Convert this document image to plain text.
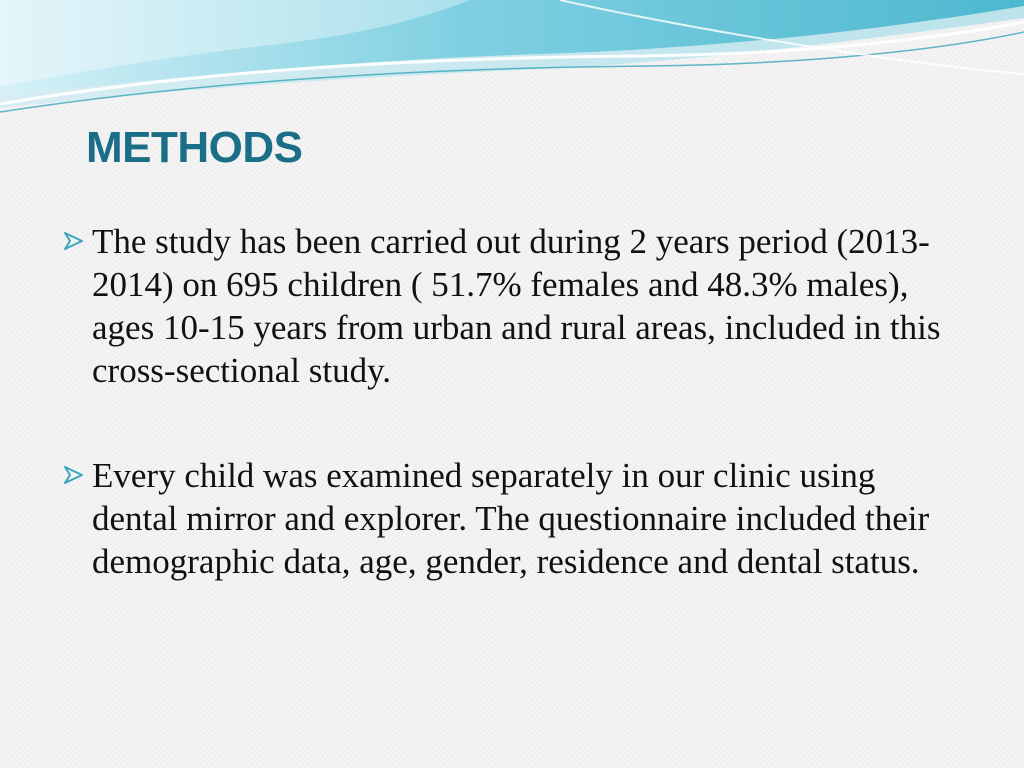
METHODS
The study has been carried out during 2 years period (2013-2014) on 695 children ( 51.7% females and 48.3% males), ages 10-15 years from urban and rural areas, included in this cross-sectional study.
Every child was examined separately in our clinic using dental mirror and explorer. The questionnaire included their demographic data, age, gender, residence and dental status.
